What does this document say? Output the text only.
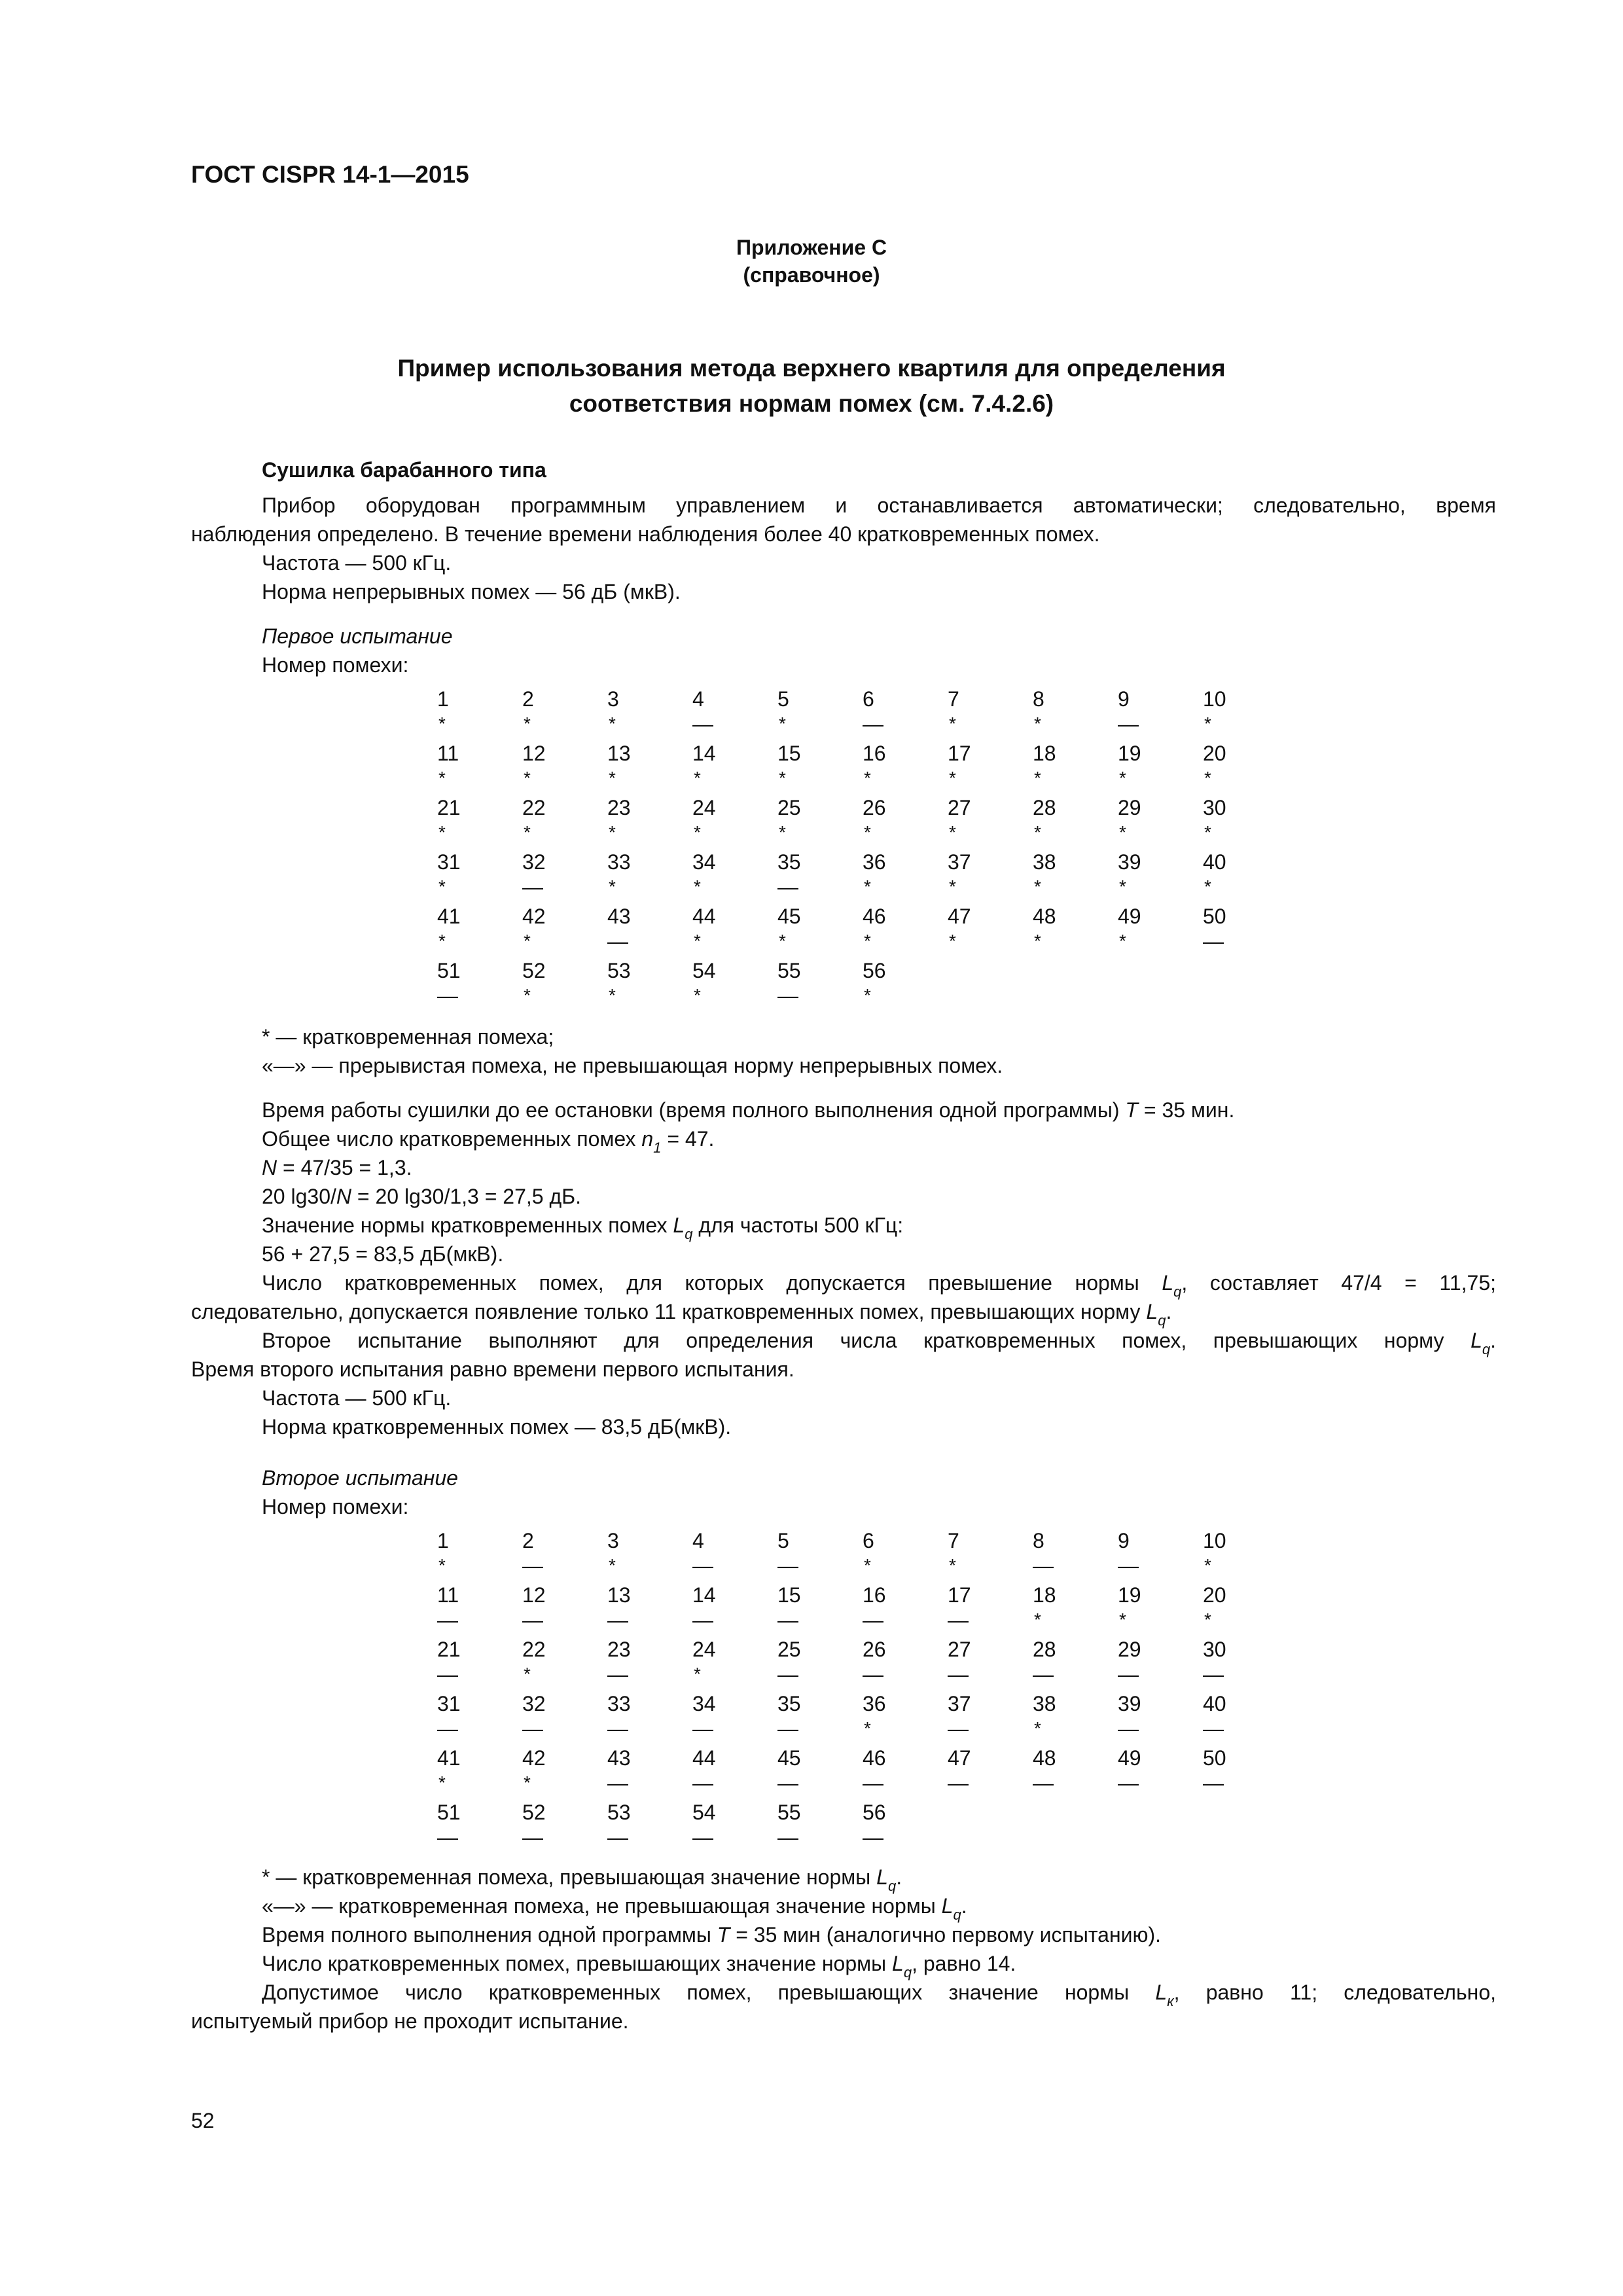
ГОСТ CISPR 14-1—2015
Приложение С
(справочное)
Пример использования метода верхнего квартиля для определения
соответствия нормам помех (см. 7.4.2.6)
Сушилка барабанного типа
Прибор оборудован программным управлением и останавливается автоматически; следовательно, время
наблюдения определено. В течение времени наблюдения более 40 кратковременных помех.
Частота — 500 кГц.
Норма непрерывных помех — 56 дБ (мкВ).
Первое испытание
Номер помехи:
1
*
2
*
3
*
4
—
5
*
6
—
7
*
8
*
9
—
10
*
11
*
12
*
13
*
14
*
15
*
16
*
17
*
18
*
19
*
20
*
21
*
22
*
23
*
24
*
25
*
26
*
27
*
28
*
29
*
30
*
31
*
32
—
33
*
34
*
35
—
36
*
37
*
38
*
39
*
40
*
41
*
42
*
43
—
44
*
45
*
46
*
47
*
48
*
49
*
50
—
51
—
52
*
53
*
54
*
55
—
56
*
* — кратковременная помеха;
«—» — прерывистая помеха, не превышающая норму непрерывных помех.
Время работы сушилки до ее остановки (время полного выполнения одной программы) T = 35 мин.
Общее число кратковременных помех $n_1 = 47$.
N = 47/35 = 1,3.
20 lg30/N = 20 lg30/1,3 = 27,5 дБ.
Значение нормы кратковременных помех $L_q$ для частоты 500 кГц:
56 + 27,5 = 83,5 дБ(мкВ).
Число кратковременных помех, для которых допускается превышение нормы $L_q$, составляет 47/4 = 11,75;
следовательно, допускается появление только 11 кратковременных помех, превышающих норму $L_q$.
Второе испытание выполняют для определения числа кратковременных помех, превышающих норму $L_q$.
Время второго испытания равно времени первого испытания.
Частота — 500 кГц.
Норма кратковременных помех — 83,5 дБ(мкВ).
Второе испытание
Номер помехи:
1
*
2
—
3
*
4
—
5
—
6
*
7
*
8
—
9
—
10
*
11
—
12
—
13
—
14
—
15
—
16
—
17
—
18
*
19
*
20
*
21
—
22
*
23
—
24
*
25
—
26
—
27
—
28
—
29
—
30
—
31
—
32
—
33
—
34
—
35
—
36
*
37
—
38
*
39
—
40
—
41
*
42
*
43
—
44
—
45
—
46
—
47
—
48
—
49
—
50
—
51
—
52
—
53
—
54
—
55
—
56
—
* — кратковременная помеха, превышающая значение нормы $L_q$.
«—» — кратковременная помеха, не превышающая значение нормы $L_q$.
Время полного выполнения одной программы T = 35 мин (аналогично первому испытанию).
Число кратковременных помех, превышающих значение нормы $L_q$, равно 14.
Допустимое число кратковременных помех, превышающих значение нормы $L_к$, равно 11; следовательно,
испытуемый прибор не проходит испытание.
52
